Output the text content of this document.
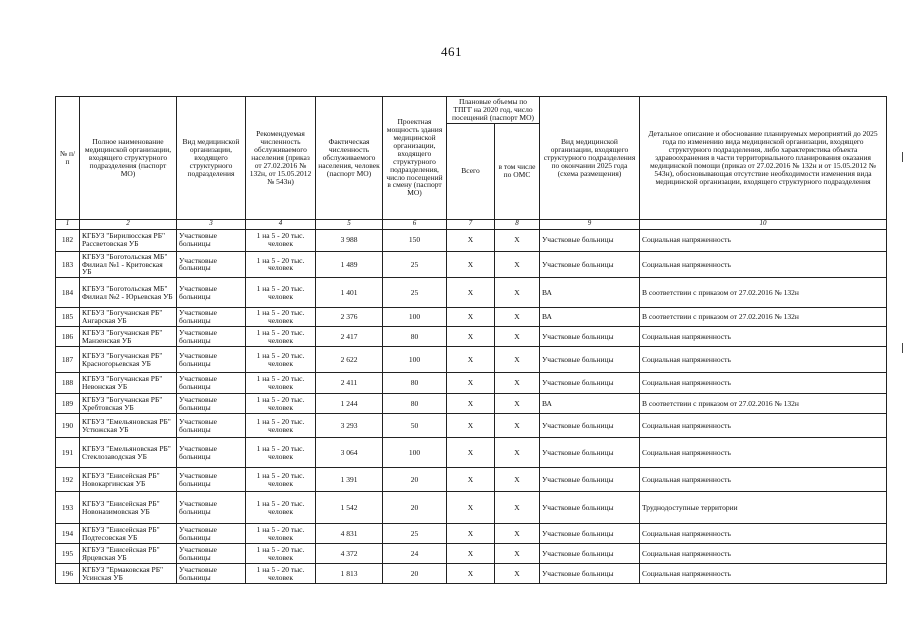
461
№ п/п	Полное наименование медицинской организации, входящего структурного подразделения (паспорт МО)	Вид медицинской организации, входящего структурного подразделения	Рекомендуемая численность обслуживаемого населения (приказ от 27.02.2016 № 132н, от 15.05.2012 № 543н)	Фактическая численность обслуживаемого населения, человек (паспорт МО)	Проектная мощность здания медицинской организации, входящего структурного подразделения, число посещений в смену (паспорт МО)	Плановые объемы по ТПГГ на 2020 год, число посещений (паспорт МО)		Вид медицинской организации, входящего структурного подразделения по окончании 2025 года (схема размещения)	Детальное описание и обоснование планируемых мероприятий до 2025 года по изменению вида медицинской организации, входящего структурного подразделения, либо характеристика объекта здравоохранения в части территориального планирования оказания медицинской помощи (приказ от 27.02.2016 № 132н и от 15.05.2012 № 543н), обосновывающая отсутствие необходимости изменения вида медицинской организации, входящего структурного подразделения
						Всего	в том числе по ОМС		
1	2	3	4	5	6	7	8	9	10
182	КГБУЗ "Бирилюсская РБ" Рассветовская УБ	Участковые больницы	1 на 5 - 20 тыс. человек	3 988	150	X	X	Участковые больницы	Социальная напряженность
183	КГБУЗ "Боготольская МБ" Филиал №1 - Критовская УБ	Участковые больницы	1 на 5 - 20 тыс. человек	1 489	25	X	X	Участковые больницы	Социальная напряженность
184	КГБУЗ "Боготольская МБ" Филиал №2 - Юрьевская УБ	Участковые больницы	1 на 5 - 20 тыс. человек	1 401	25	X	X	ВА	В соответствии с приказом от 27.02.2016 № 132н
185	КГБУЗ "Богучанская РБ" Ангарская УБ	Участковые больницы	1 на 5 - 20 тыс. человек	2 376	100	X	X	ВА	В соответствии с приказом от 27.02.2016 № 132н
186	КГБУЗ "Богучанская РБ" Манзенская УБ	Участковые больницы	1 на 5 - 20 тыс. человек	2 417	80	X	X	Участковые больницы	Социальная напряженность
187	КГБУЗ "Богучанская РБ" Красногорьевская УБ	Участковые больницы	1 на 5 - 20 тыс. человек	2 622	100	X	X	Участковые больницы	Социальная напряженность
188	КГБУЗ "Богучанская РБ" Невонская УБ	Участковые больницы	1 на 5 - 20 тыс. человек	2 411	80	X	X	Участковые больницы	Социальная напряженность
189	КГБУЗ "Богучанская РБ" Хребтовская УБ	Участковые больницы	1 на 5 - 20 тыс. человек	1 244	80	X	X	ВА	В соответствии с приказом от 27.02.2016 № 132н
190	КГБУЗ "Емельяновская РБ" Устюжская УБ	Участковые больницы	1 на 5 - 20 тыс. человек	3 293	50	X	X	Участковые больницы	Социальная напряженность
191	КГБУЗ "Емельяновская РБ" Стеклозаводская УБ	Участковые больницы	1 на 5 - 20 тыс. человек	3 064	100	X	X	Участковые больницы	Социальная напряженность
192	КГБУЗ "Енисейская РБ" Новокаргинская УБ	Участковые больницы	1 на 5 - 20 тыс. человек	1 391	20	X	X	Участковые больницы	Социальная напряженность
193	КГБУЗ "Енисейская РБ" Новоназимовская УБ	Участковые больницы	1 на 5 - 20 тыс. человек	1 542	20	X	X	Участковые больницы	Труднодоступные территории
194	КГБУЗ "Енисейская РБ" Подтесовская УБ	Участковые больницы	1 на 5 - 20 тыс. человек	4 831	25	X	X	Участковые больницы	Социальная напряженность
195	КГБУЗ "Енисейская РБ" Ярцевская УБ	Участковые больницы	1 на 5 - 20 тыс. человек	4 372	24	X	X	Участковые больницы	Социальная напряженность
196	КГБУЗ "Ермаковская РБ" Усинская УБ	Участковые больницы	1 на 5 - 20 тыс. человек	1 813	20	X	X	Участковые больницы	Социальная напряженность
